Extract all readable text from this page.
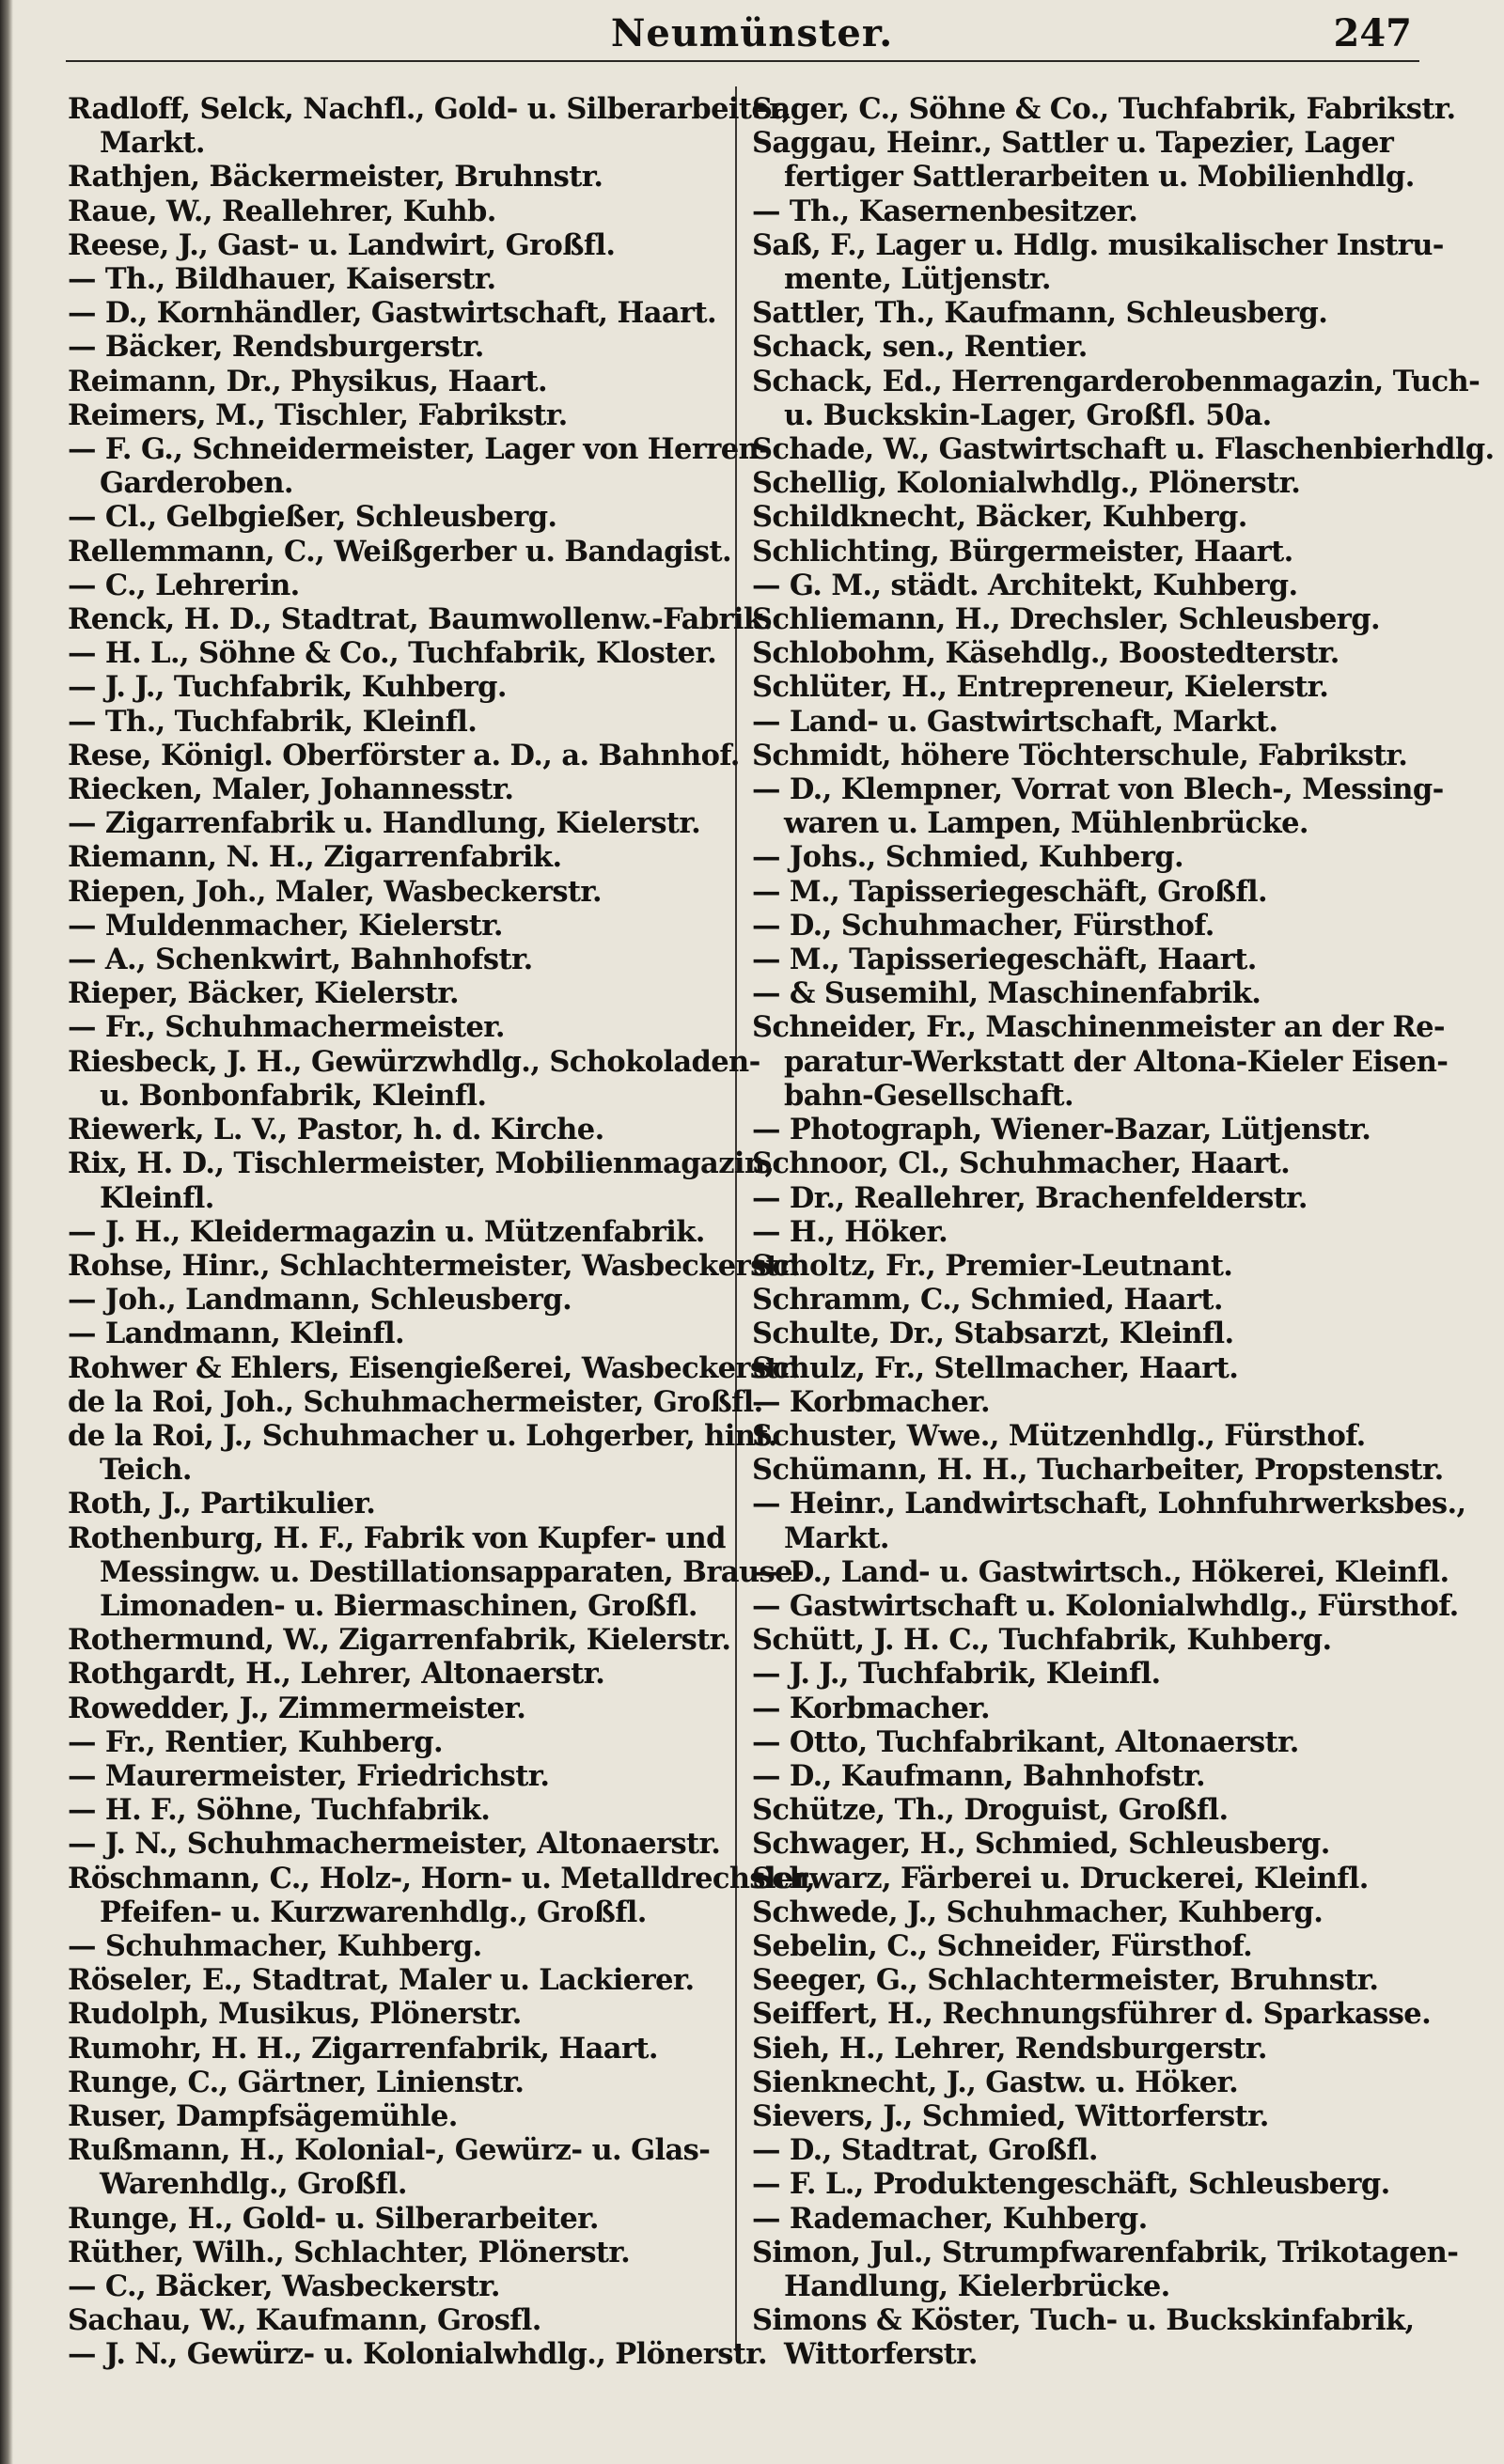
Neumünster.	247
Radloff, Selck, Nachfl., Gold- u. Silberarbeiter,
Markt.
Rathjen, Bäckermeister, Bruhnstr.
Raue, W., Reallehrer, Kuhb.
Reese, J., Gast- u. Landwirt, Großfl.
— Th., Bildhauer, Kaiserstr.
— D., Kornhändler, Gastwirtschaft, Haart.
— Bäcker, Rendsburgerstr.
Reimann, Dr., Physikus, Haart.
Reimers, M., Tischler, Fabrikstr.
— F. G., Schneidermeister, Lager von Herren-
Garderoben.
— Cl., Gelbgießer, Schleusberg.
Rellemmann, C., Weißgerber u. Bandagist.
— C., Lehrerin.
Renck, H. D., Stadtrat, Baumwollenw.-Fabrik.
— H. L., Söhne & Co., Tuchfabrik, Kloster.
— J. J., Tuchfabrik, Kuhberg.
— Th., Tuchfabrik, Kleinfl.
Rese, Königl. Oberförster a. D., a. Bahnhof.
Riecken, Maler, Johannesstr.
— Zigarrenfabrik u. Handlung, Kielerstr.
Riemann, N. H., Zigarrenfabrik.
Riepen, Joh., Maler, Wasbeckerstr.
— Muldenmacher, Kielerstr.
— A., Schenkwirt, Bahnhofstr.
Rieper, Bäcker, Kielerstr.
— Fr., Schuhmachermeister.
Riesbeck, J. H., Gewürzwhdlg., Schokoladen-
u. Bonbonfabrik, Kleinfl.
Riewerk, L. V., Pastor, h. d. Kirche.
Rix, H. D., Tischlermeister, Mobilienmagazin,
Kleinfl.
— J. H., Kleidermagazin u. Mützenfabrik.
Rohse, Hinr., Schlachtermeister, Wasbeckerstr.
— Joh., Landmann, Schleusberg.
— Landmann, Kleinfl.
Rohwer & Ehlers, Eisengießerei, Wasbeckerstr.
de la Roi, Joh., Schuhmachermeister, Großfl.
de la Roi, J., Schuhmacher u. Lohgerber, hint.
Teich.
Roth, J., Partikulier.
Rothenburg, H. F., Fabrik von Kupfer- und
Messingw. u. Destillationsapparaten, Brause-
Limonaden- u. Biermaschinen, Großfl.
Rothermund, W., Zigarrenfabrik, Kielerstr.
Rothgardt, H., Lehrer, Altonaerstr.
Rowedder, J., Zimmermeister.
— Fr., Rentier, Kuhberg.
— Maurermeister, Friedrichstr.
— H. F., Söhne, Tuchfabrik.
— J. N., Schuhmachermeister, Altonaerstr.
Röschmann, C., Holz-, Horn- u. Metalldrechsler,
Pfeifen- u. Kurzwarenhdlg., Großfl.
— Schuhmacher, Kuhberg.
Röseler, E., Stadtrat, Maler u. Lackierer.
Rudolph, Musikus, Plönerstr.
Rumohr, H. H., Zigarrenfabrik, Haart.
Runge, C., Gärtner, Linienstr.
Ruser, Dampfsägemühle.
Rußmann, H., Kolonial-, Gewürz- u. Glas-
Warenhdlg., Großfl.
Runge, H., Gold- u. Silberarbeiter.
Rüther, Wilh., Schlachter, Plönerstr.
— C., Bäcker, Wasbeckerstr.
Sachau, W., Kaufmann, Grosfl.
— J. N., Gewürz- u. Kolonialwhdlg., Plönerstr.
Sager, C., Söhne & Co., Tuchfabrik, Fabrikstr.
Saggau, Heinr., Sattler u. Tapezier, Lager
fertiger Sattlerarbeiten u. Mobilienhdlg.
— Th., Kasernenbesitzer.
Saß, F., Lager u. Hdlg. musikalischer Instru-
mente, Lütjenstr.
Sattler, Th., Kaufmann, Schleusberg.
Schack, sen., Rentier.
Schack, Ed., Herrengarderobenmagazin, Tuch-
u. Buckskin-Lager, Großfl. 50a.
Schade, W., Gastwirtschaft u. Flaschenbierhdlg.
Schellig, Kolonialwhdlg., Plönerstr.
Schildknecht, Bäcker, Kuhberg.
Schlichting, Bürgermeister, Haart.
— G. M., städt. Architekt, Kuhberg.
Schliemann, H., Drechsler, Schleusberg.
Schlobohm, Käsehdlg., Boostedterstr.
Schlüter, H., Entrepreneur, Kielerstr.
— Land- u. Gastwirtschaft, Markt.
Schmidt, höhere Töchterschule, Fabrikstr.
— D., Klempner, Vorrat von Blech-, Messing-
waren u. Lampen, Mühlenbrücke.
— Johs., Schmied, Kuhberg.
— M., Tapisseriegeschäft, Großfl.
— D., Schuhmacher, Fürsthof.
— M., Tapisseriegeschäft, Haart.
— & Susemihl, Maschinenfabrik.
Schneider, Fr., Maschinenmeister an der Re-
paratur-Werkstatt der Altona-Kieler Eisen-
bahn-Gesellschaft.
— Photograph, Wiener-Bazar, Lütjenstr.
Schnoor, Cl., Schuhmacher, Haart.
— Dr., Reallehrer, Brachenfelderstr.
— H., Höker.
Scholtz, Fr., Premier-Leutnant.
Schramm, C., Schmied, Haart.
Schulte, Dr., Stabsarzt, Kleinfl.
Schulz, Fr., Stellmacher, Haart.
— Korbmacher.
Schuster, Wwe., Mützenhdlg., Fürsthof.
Schümann, H. H., Tucharbeiter, Propstenstr.
— Heinr., Landwirtschaft, Lohnfuhrwerksbes.,
Markt.
— D., Land- u. Gastwirtsch., Hökerei, Kleinfl.
— Gastwirtschaft u. Kolonialwhdlg., Fürsthof.
Schütt, J. H. C., Tuchfabrik, Kuhberg.
— J. J., Tuchfabrik, Kleinfl.
— Korbmacher.
— Otto, Tuchfabrikant, Altonaerstr.
— D., Kaufmann, Bahnhofstr.
Schütze, Th., Droguist, Großfl.
Schwager, H., Schmied, Schleusberg.
Schwarz, Färberei u. Druckerei, Kleinfl.
Schwede, J., Schuhmacher, Kuhberg.
Sebelin, C., Schneider, Fürsthof.
Seeger, G., Schlachtermeister, Bruhnstr.
Seiffert, H., Rechnungsführer d. Sparkasse.
Sieh, H., Lehrer, Rendsburgerstr.
Sienknecht, J., Gastw. u. Höker.
Sievers, J., Schmied, Wittorferstr.
— D., Stadtrat, Großfl.
— F. L., Produktengeschäft, Schleusberg.
— Rademacher, Kuhberg.
Simon, Jul., Strumpfwarenfabrik, Trikotagen-
Handlung, Kielerbrücke.
Simons & Köster, Tuch- u. Buckskinfabrik,
Wittorferstr.
